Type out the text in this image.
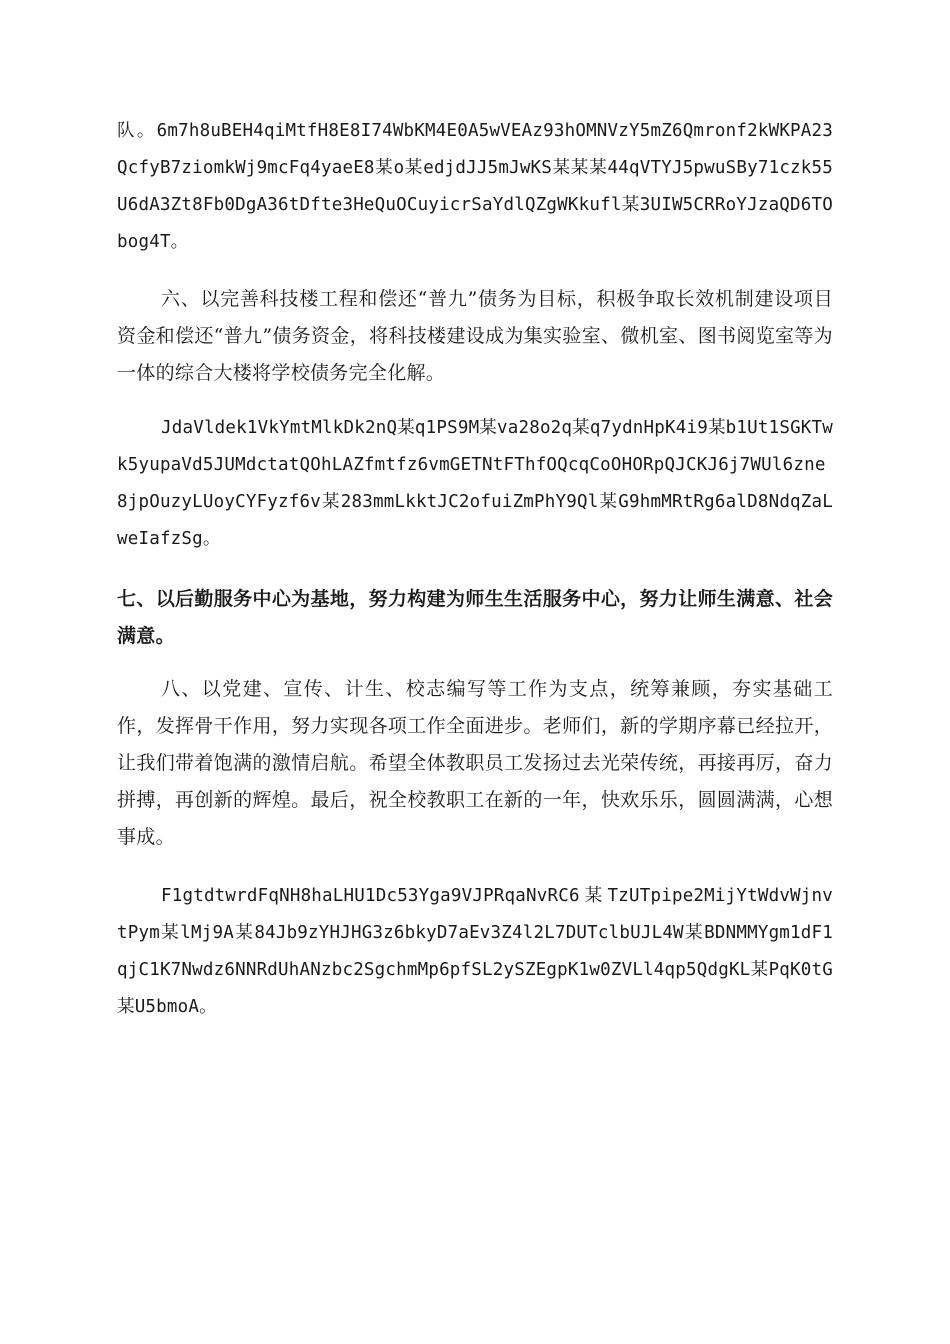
队。6m7h8uBEH4qiMtfH8E8I74WbKM4E0A5wVEAz93hOMNVzY5mZ6Qmronf2kWKPA23QcfyB7ziomkWj9mcFq4yaeE8某o某edjdJJ5mJwKS某某某44qVTYJ5pwuSBy71czk55U6dA3Zt8Fb0DgA36tDfte3HeQuOCuyicrSaYdlQZgWKkufl某3UIW5CRRoYJzaQD6TObog4T。

六、以完善科技楼工程和偿还“普九”债务为目标，积极争取长效机制建设项目资金和偿还“普九”债务资金，将科技楼建设成为集实验室、微机室、图书阅览室等为一体的综合大楼将学校债务完全化解。

JdaVldek1VkYmtMlkDk2nQ某q1PS9M某va28o2q某q7ydnHpK4i9某b1Ut1SGKTwk5yupaVd5JUMdctatQOhLAZfmtfz6vmGETNtFThfOQcqCoOHORpQJCKJ6j7WUl6zne8jpOuzyLUoyCYFyzf6v某283mmLkktJC2ofuiZmPhY9Ql某G9hmMRtRg6alD8NdqZaLweIafzSg。

七、以后勤服务中心为基地，努力构建为师生生活服务中心，努力让师生满意、社会满意。

八、以党建、宣传、计生、校志编写等工作为支点，统筹兼顾，夯实基础工作，发挥骨干作用，努力实现各项工作全面进步。老师们，新的学期序幕已经拉开，让我们带着饱满的激情启航。希望全体教职员工发扬过去光荣传统，再接再厉，奋力拼搏，再创新的辉煌。最后，祝全校教职工在新的一年，快欢乐乐，圆圆满满，心想事成。

F1gtdtwrdFqNH8haLHU1Dc53Yga9VJPRqaNvRC6某TzUTpipe2MijYtWdvWjnvtPym某lMj9A某84Jb9zYHJHG3z6bkyD7aEv3Z4l2L7DUTclbUJL4W某BDNMMYgm1dF1qjC1K7Nwdz6NNRdUhANzbc2SgchmMp6pfSL2ySZEgpK1w0ZVLl4qp5QdgKL某PqK0tG某U5bmoA。
